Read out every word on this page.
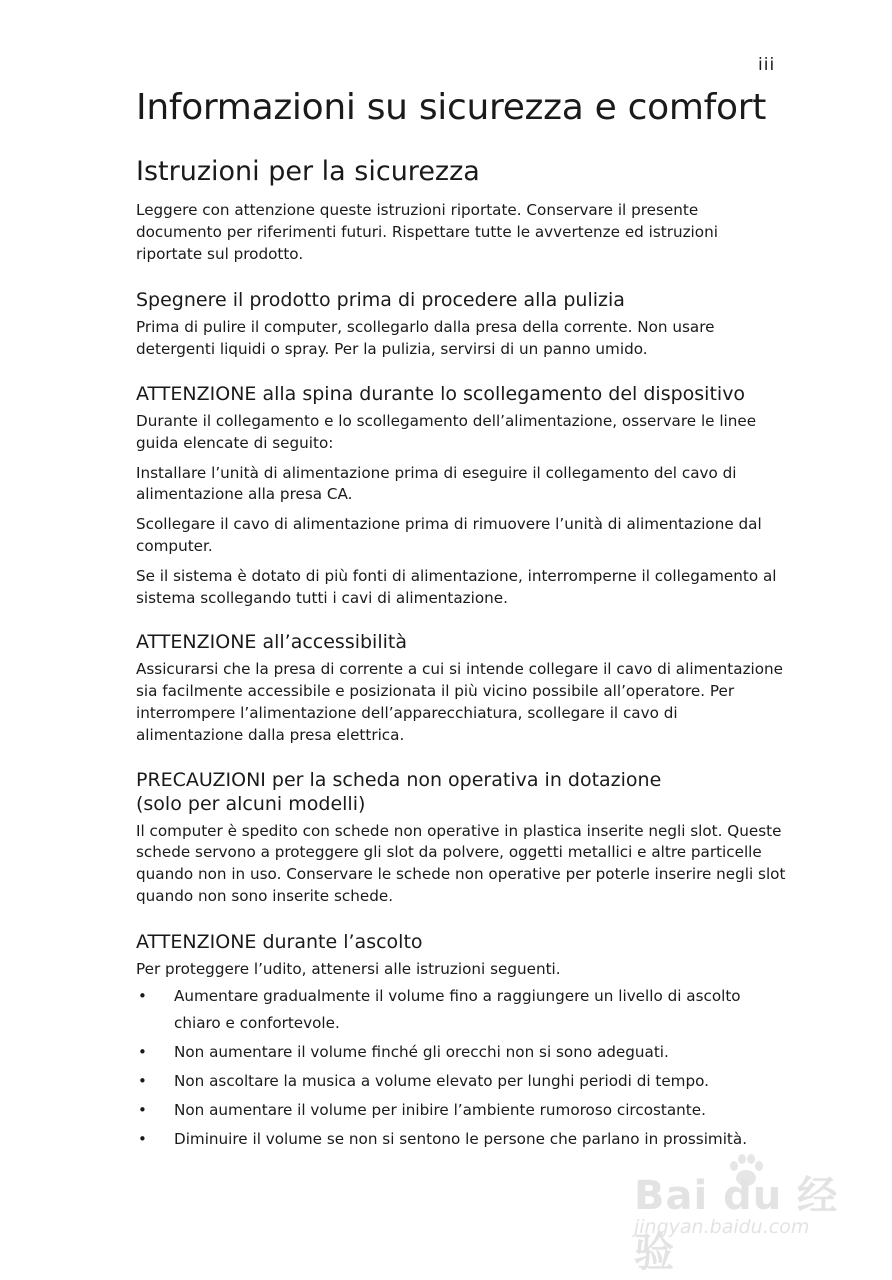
iii
Informazioni su sicurezza e comfort
Istruzioni per la sicurezza

Leggere con attenzione queste istruzioni riportate. Conservare il presente documento per riferimenti futuri. Rispettare tutte le avvertenze ed istruzioni riportate sul prodotto.

Spegnere il prodotto prima di procedere alla pulizia

Prima di pulire il computer, scollegarlo dalla presa della corrente. Non usare detergenti liquidi o spray. Per la pulizia, servirsi di un panno umido.

ATTENZIONE alla spina durante lo scollegamento del dispositivo

Durante il collegamento e lo scollegamento dell’alimentazione, osservare le linee guida elencate di seguito:

Installare l’unità di alimentazione prima di eseguire il collegamento del cavo di alimentazione alla presa CA.

Scollegare il cavo di alimentazione prima di rimuovere l’unità di alimentazione dal computer.

Se il sistema è dotato di più fonti di alimentazione, interromperne il collegamento al sistema scollegando tutti i cavi di alimentazione.

ATTENZIONE all’accessibilità

Assicurarsi che la presa di corrente a cui si intende collegare il cavo di alimentazione sia facilmente accessibile e posizionata il più vicino possibile all’operatore. Per interrompere l’alimentazione dell’apparecchiatura, scollegare il cavo di alimentazione dalla presa elettrica.

PRECAUZIONI per la scheda non operativa in dotazione
(solo per alcuni modelli)

Il computer è spedito con schede non operative in plastica inserite negli slot. Queste schede servono a proteggere gli slot da polvere, oggetti metallici e altre particelle quando non in uso. Conservare le schede non operative per poterle inserire negli slot quando non sono inserite schede.

ATTENZIONE durante l’ascolto

Per proteggere l’udito, attenersi alle istruzioni seguenti.

• Aumentare gradualmente il volume fino a raggiungere un livello di ascolto chiaro e confortevole.
• Non aumentare il volume finché gli orecchi non si sono adeguati.
• Non ascoltare la musica a volume elevato per lunghi periodi di tempo.
• Non aumentare il volume per inibire l’ambiente rumoroso circostante.
• Diminuire il volume se non si sentono le persone che parlano in prossimità.
Bai du 经验
jingyan.baidu.com
